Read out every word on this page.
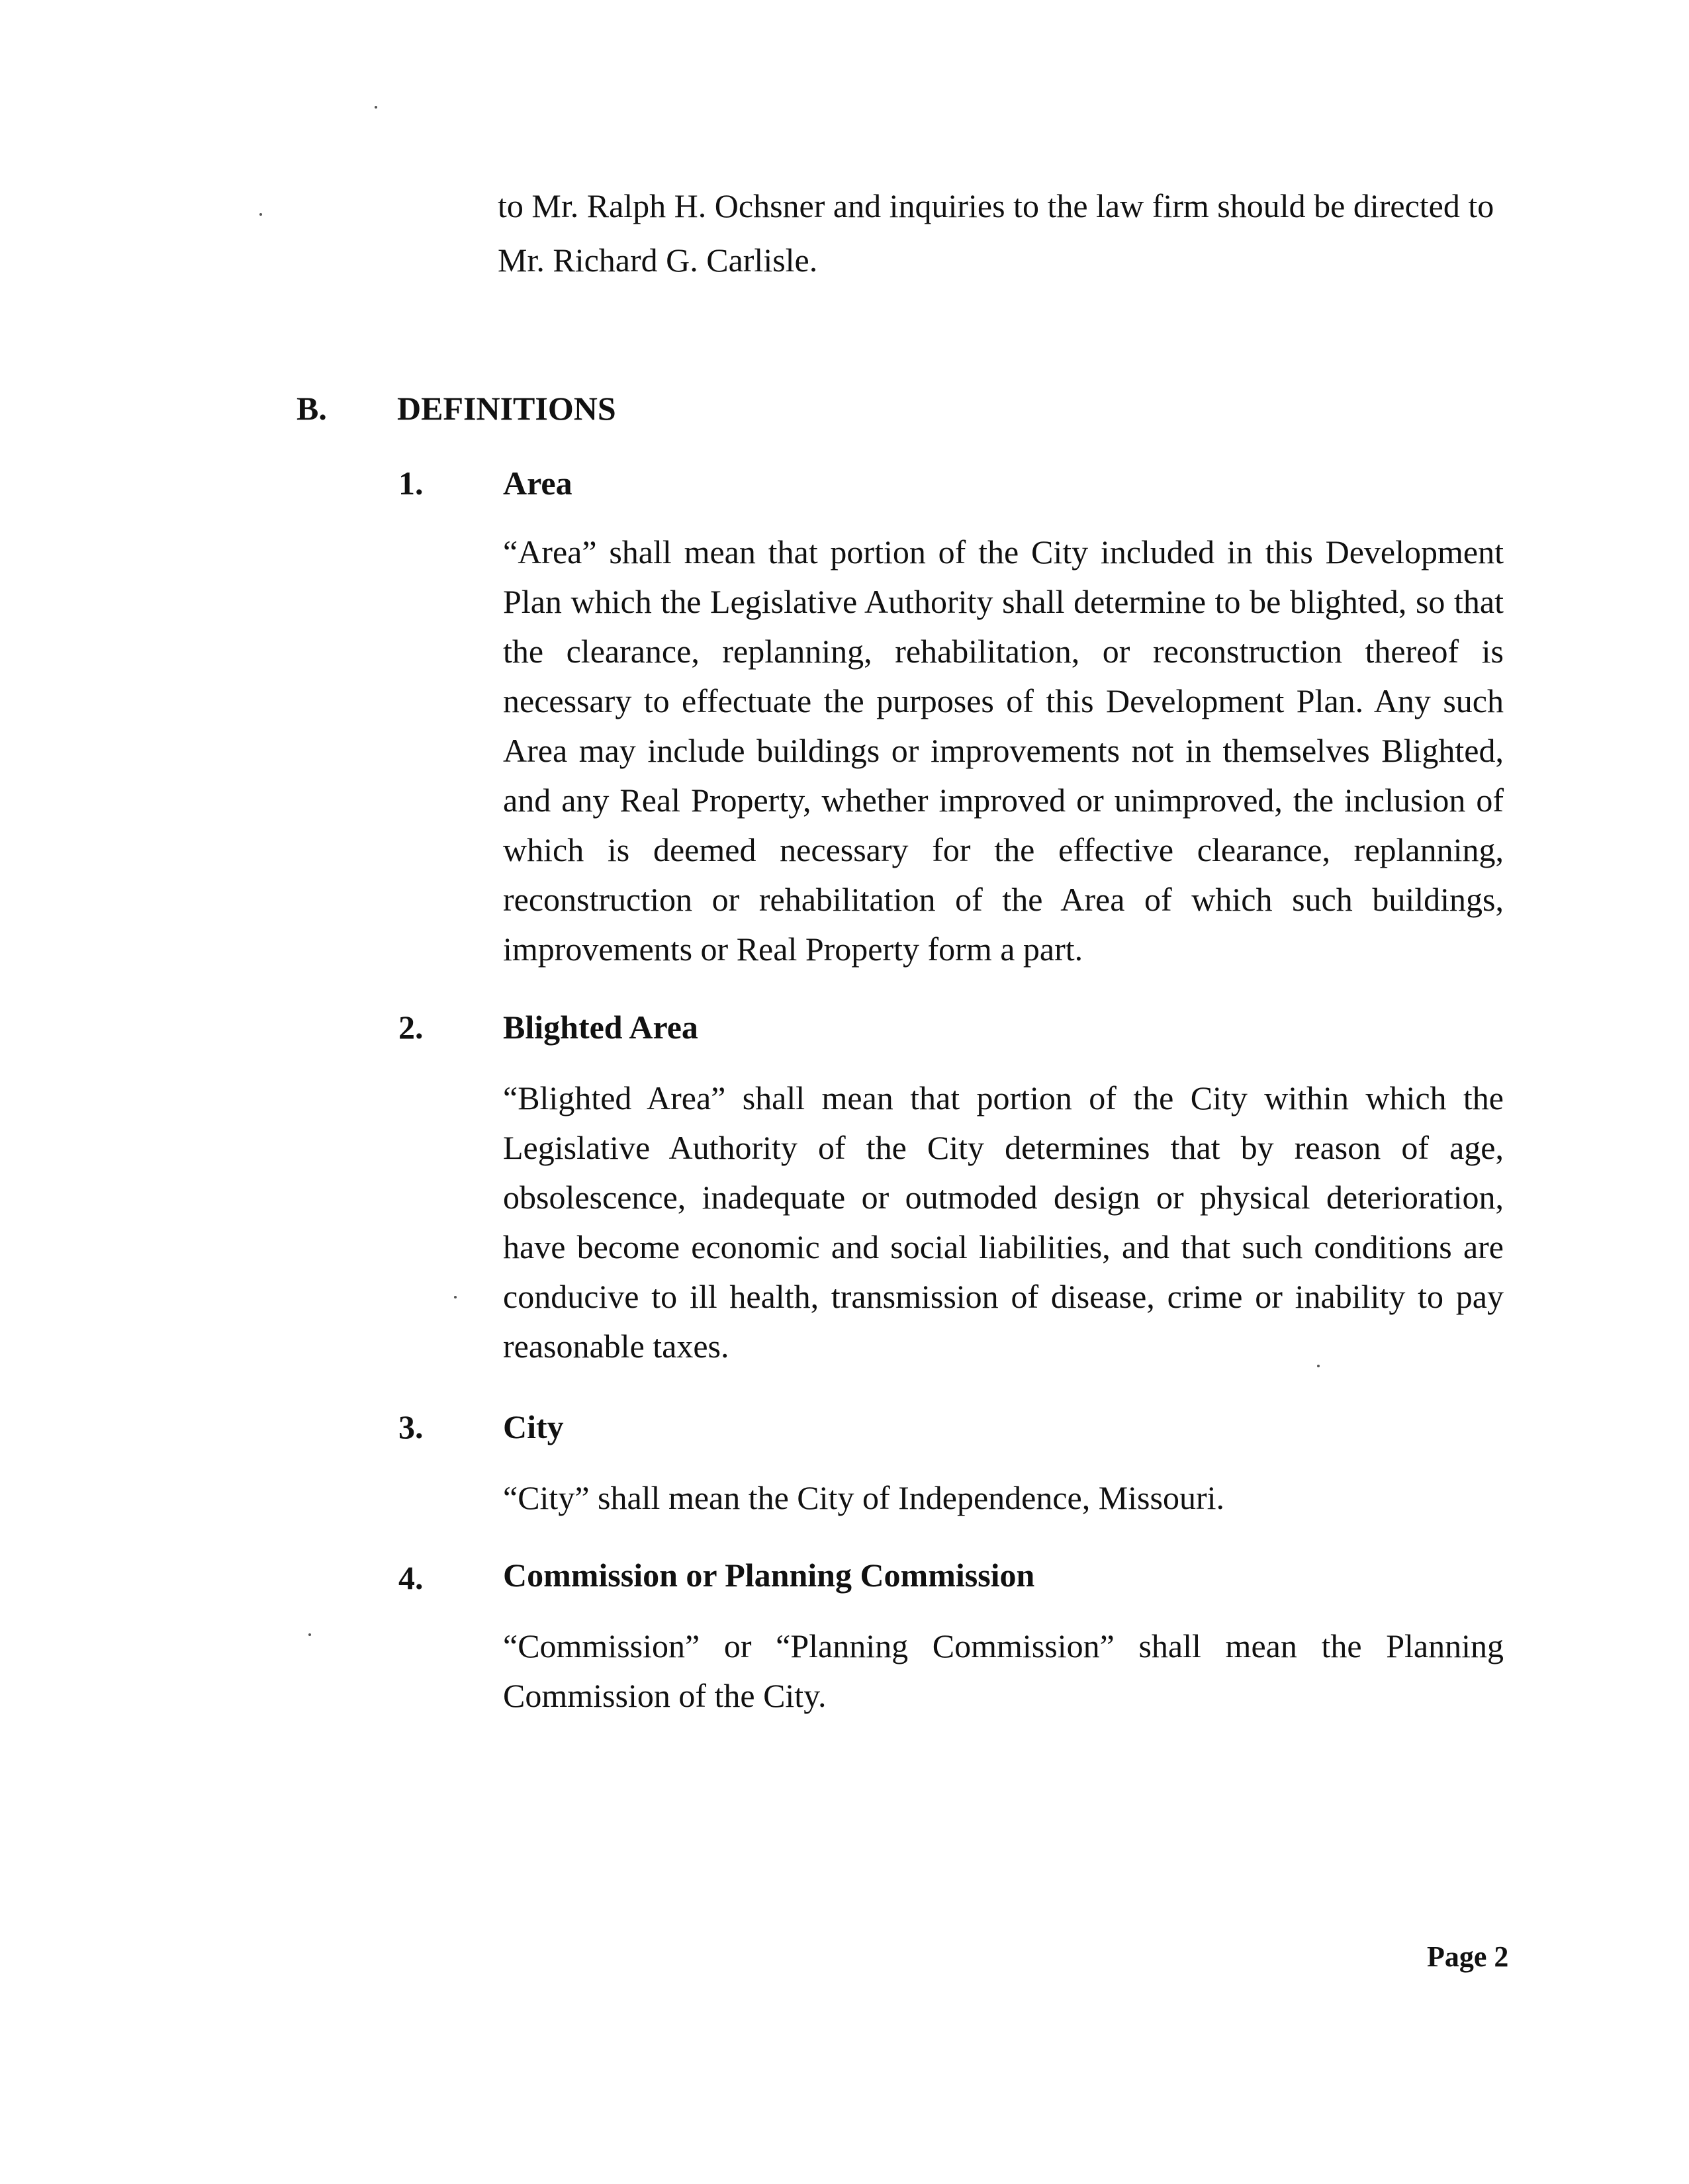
to Mr. Ralph H. Ochsner and inquiries to the law firm should be directed to Mr. Richard G. Carlisle.

B. DEFINITIONS
1. Area

“Area” shall mean that portion of the City included in this Development Plan which the Legislative Authority shall determine to be blighted, so that the clearance, replanning, rehabilitation, or reconstruction thereof is necessary to effectuate the purposes of this Development Plan. Any such Area may include buildings or improvements not in themselves Blighted, and any Real Property, whether improved or unimproved, the inclusion of which is deemed necessary for the effective clearance, replanning, reconstruction or rehabilitation of the Area of which such buildings, improvements or Real Property form a part.

2. Blighted Area

“Blighted Area” shall mean that portion of the City within which the Legislative Authority of the City determines that by reason of age, obsolescence, inadequate or outmoded design or physical deterioration, have become economic and social liabilities, and that such conditions are conducive to ill health, transmission of disease, crime or inability to pay reasonable taxes.

3. City

“City” shall mean the City of Independence, Missouri.

4. Commission or Planning Commission

“Commission” or “Planning Commission” shall mean the Planning Commission of the City.

Page 2
